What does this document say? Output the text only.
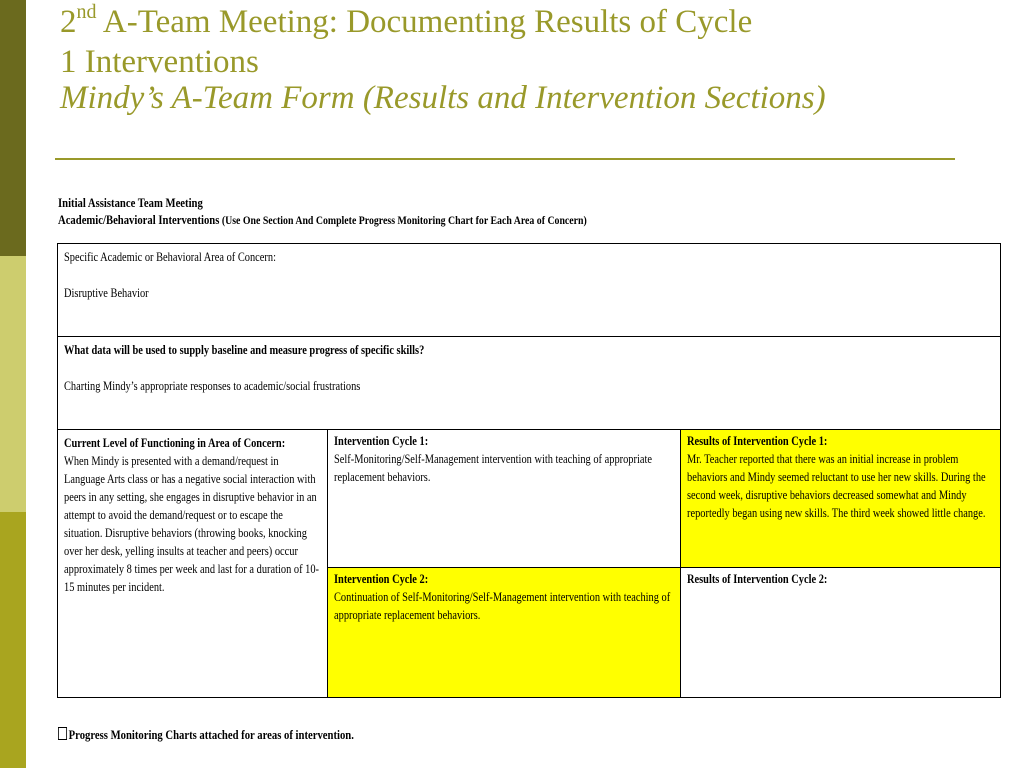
2nd A-Team Meeting: Documenting Results of Cycle
1 Interventions
Mindy’s A-Team Form (Results and Intervention Sections)
Initial Assistance Team Meeting
Academic/Behavioral Interventions (Use One Section And Complete Progress Monitoring Chart for Each Area of Concern)
Specific Academic or Behavioral Area of Concern:
Disruptive Behavior
What data will be used to supply baseline and measure progress of specific skills?
Charting Mindy’s appropriate responses to academic/social frustrations
Current Level of Functioning in Area of Concern:
When Mindy is presented with a demand/request in Language Arts class or has a negative social interaction with peers in any setting, she engages in disruptive behavior in an attempt to avoid the demand/request or to escape the situation. Disruptive behaviors (throwing books, knocking over her desk, yelling insults at teacher and peers) occur approximately 8 times per week and last for a duration of 10-15 minutes per incident.
Intervention Cycle 1:
Self-Monitoring/Self-Management intervention with teaching of appropriate replacement behaviors.
Results of Intervention Cycle 1:
Mr. Teacher reported that there was an initial increase in problem behaviors and Mindy seemed reluctant to use her new skills. During the second week, disruptive behaviors decreased somewhat and Mindy reportedly began using new skills. The third week showed little change.
Intervention Cycle 2:
Continuation of Self-Monitoring/Self-Management intervention with teaching of appropriate replacement behaviors.
Results of Intervention Cycle 2:
Progress Monitoring Charts attached for areas of intervention.
